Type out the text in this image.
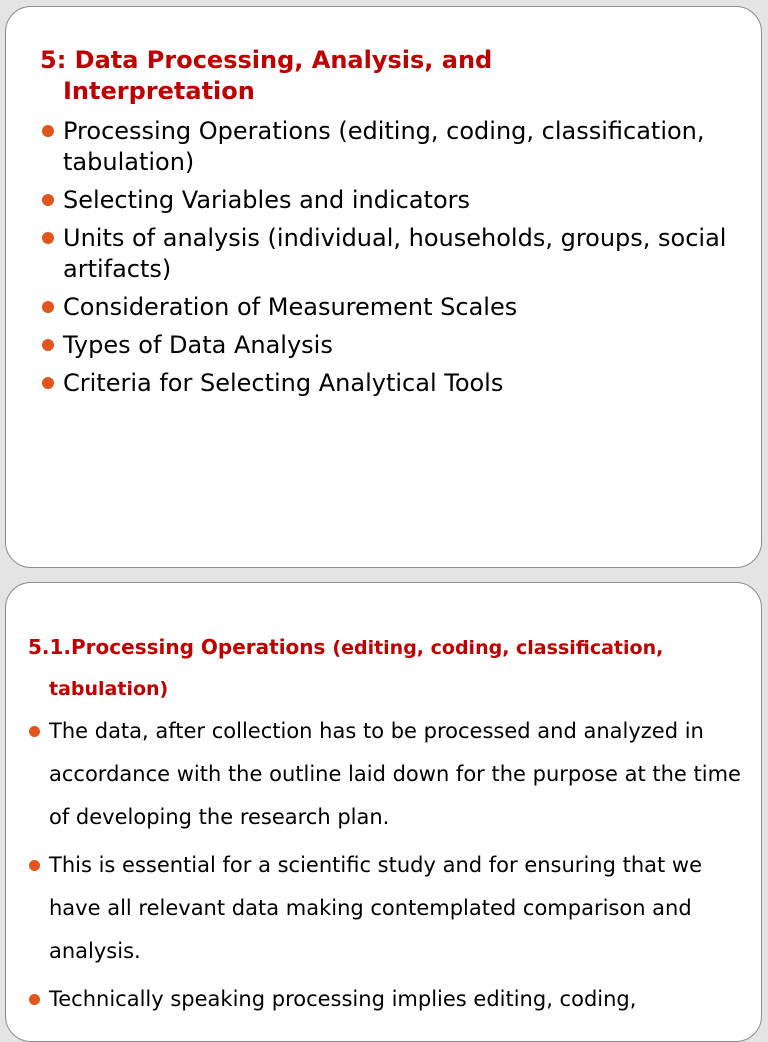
5: Data Processing, Analysis, and Interpretation
Processing Operations (editing, coding, classification, tabulation)
Selecting Variables and indicators
Units of analysis (individual, households, groups, social artifacts)
Consideration of Measurement Scales
Types of Data Analysis
Criteria for Selecting Analytical Tools
5.1.Processing Operations (editing, coding, classification, tabulation)
The data, after collection has to be processed and analyzed in accordance with the outline laid down for the purpose at the time of developing the research plan.
This is essential for a scientific study and for ensuring that we have all relevant data making contemplated comparison and analysis.
Technically speaking processing implies editing, coding,
